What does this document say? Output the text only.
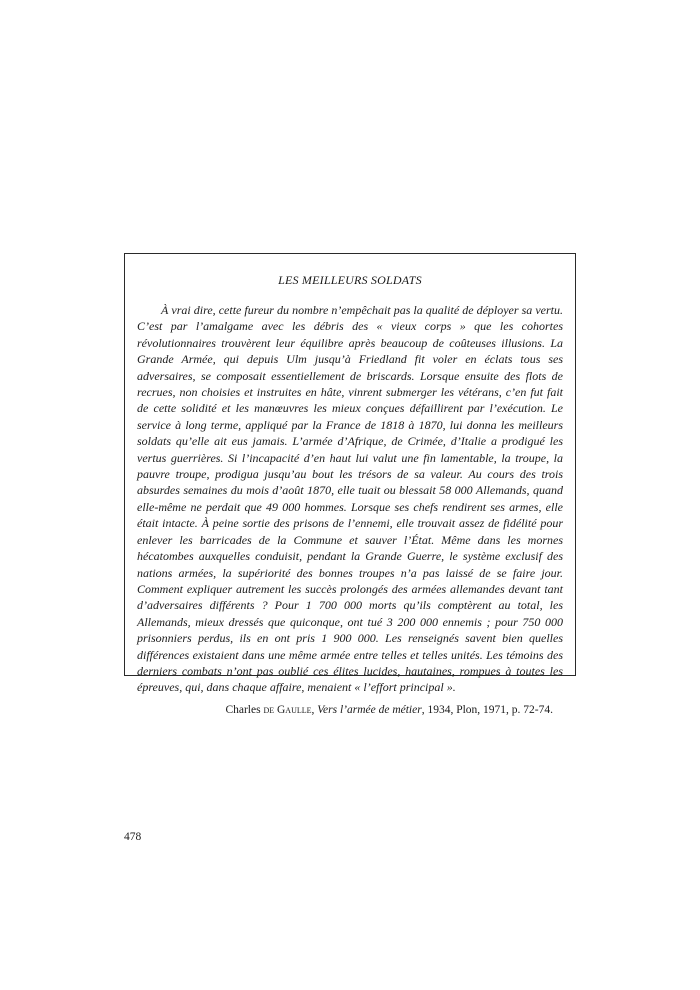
LES MEILLEURS SOLDATS

À vrai dire, cette fureur du nombre n’empêchait pas la qualité de déployer sa vertu. C’est par l’amalgame avec les débris des « vieux corps » que les cohortes révolutionnaires trouvèrent leur équilibre après beaucoup de coûteuses illusions. La Grande Armée, qui depuis Ulm jusqu’à Friedland fit voler en éclats tous ses adversaires, se composait essentiellement de briscards. Lorsque ensuite des flots de recrues, non choisies et instruites en hâte, vinrent submerger les vétérans, c’en fut fait de cette solidité et les manœuvres les mieux conçues défaillirent par l’exécution. Le service à long terme, appliqué par la France de 1818 à 1870, lui donna les meilleurs soldats qu’elle ait eus jamais. L’armée d’Afrique, de Crimée, d’Italie a prodigué les vertus guerrières. Si l’incapacité d’en haut lui valut une fin lamentable, la troupe, la pauvre troupe, prodigua jusqu’au bout les trésors de sa valeur. Au cours des trois absurdes semaines du mois d’août 1870, elle tuait ou blessait 58 000 Allemands, quand elle-même ne perdait que 49 000 hommes. Lorsque ses chefs rendirent ses armes, elle était intacte. À peine sortie des prisons de l’ennemi, elle trouvait assez de fidélité pour enlever les barricades de la Commune et sauver l’État. Même dans les mornes hécatombes auxquelles conduisit, pendant la Grande Guerre, le système exclusif des nations armées, la supériorité des bonnes troupes n’a pas laissé de se faire jour. Comment expliquer autrement les succès prolongés des armées allemandes devant tant d’adversaires différents ? Pour 1 700 000 morts qu’ils comptèrent au total, les Allemands, mieux dressés que quiconque, ont tué 3 200 000 ennemis ; pour 750 000 prisonniers perdus, ils en ont pris 1 900 000. Les renseignés savent bien quelles différences existaient dans une même armée entre telles et telles unités. Les témoins des derniers combats n’ont pas oublié ces élites lucides, hautaines, rompues à toutes les épreuves, qui, dans chaque affaire, menaient « l’effort principal ».

Charles de Gaulle, Vers l’armée de métier, 1934, Plon, 1971, p. 72-74.
478
